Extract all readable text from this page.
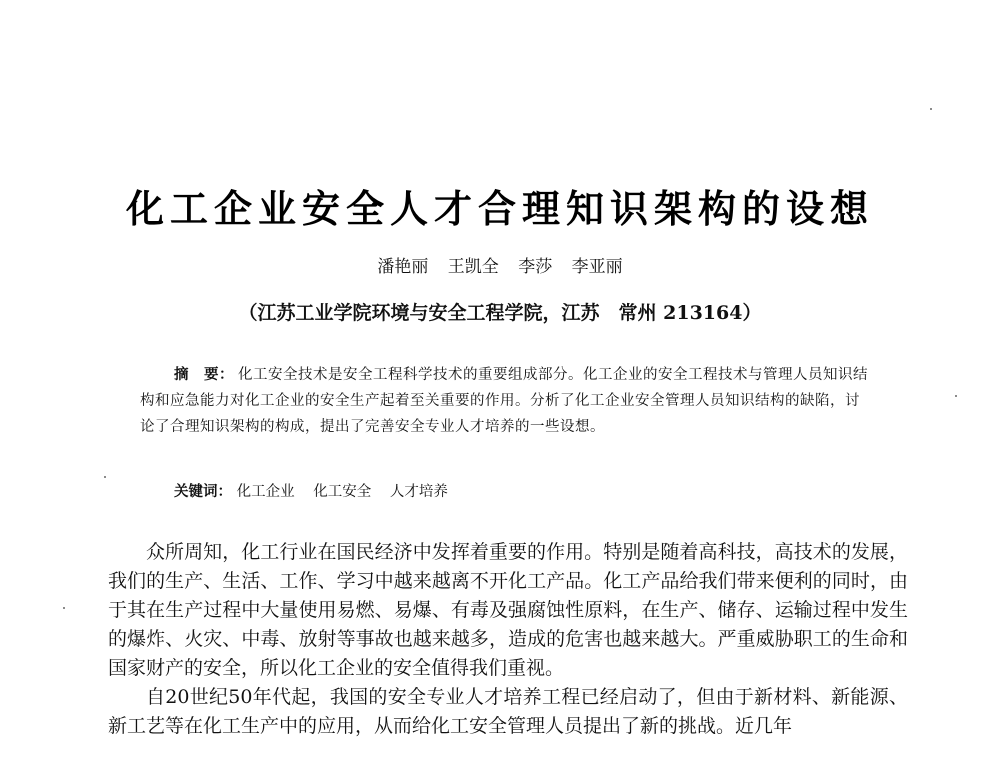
化工企业安全人才合理知识架构的设想
潘艳丽 王凯全 李莎 李亚丽
（江苏工业学院环境与安全工程学院，江苏　常州 213164）
摘　要： 化工安全技术是安全工程科学技术的重要组成部分。化工企业的安全工程技术与管理人员知识结构和应急能力对化工企业的安全生产起着至关重要的作用。分析了化工企业安全管理人员知识结构的缺陷，讨论了合理知识架构的构成，提出了完善安全专业人才培养的一些设想。
关键词： 化工企业 化工安全 人才培养

众所周知，化工行业在国民经济中发挥着重要的作用。特别是随着高科技，高技术的发展，我们的生产、生活、工作、学习中越来越离不开化工产品。化工产品给我们带来便利的同时，由于其在生产过程中大量使用易燃、易爆、有毒及强腐蚀性原料，在生产、储存、运输过程中发生的爆炸、火灾、中毒、放射等事故也越来越多，造成的危害也越来越大。严重威胁职工的生命和国家财产的安全，所以化工企业的安全值得我们重视。

自20世纪50年代起，我国的安全专业人才培养工程已经启动了，但由于新材料、新能源、新工艺等在化工生产中的应用，从而给化工安全管理人员提出了新的挑战。近几年
